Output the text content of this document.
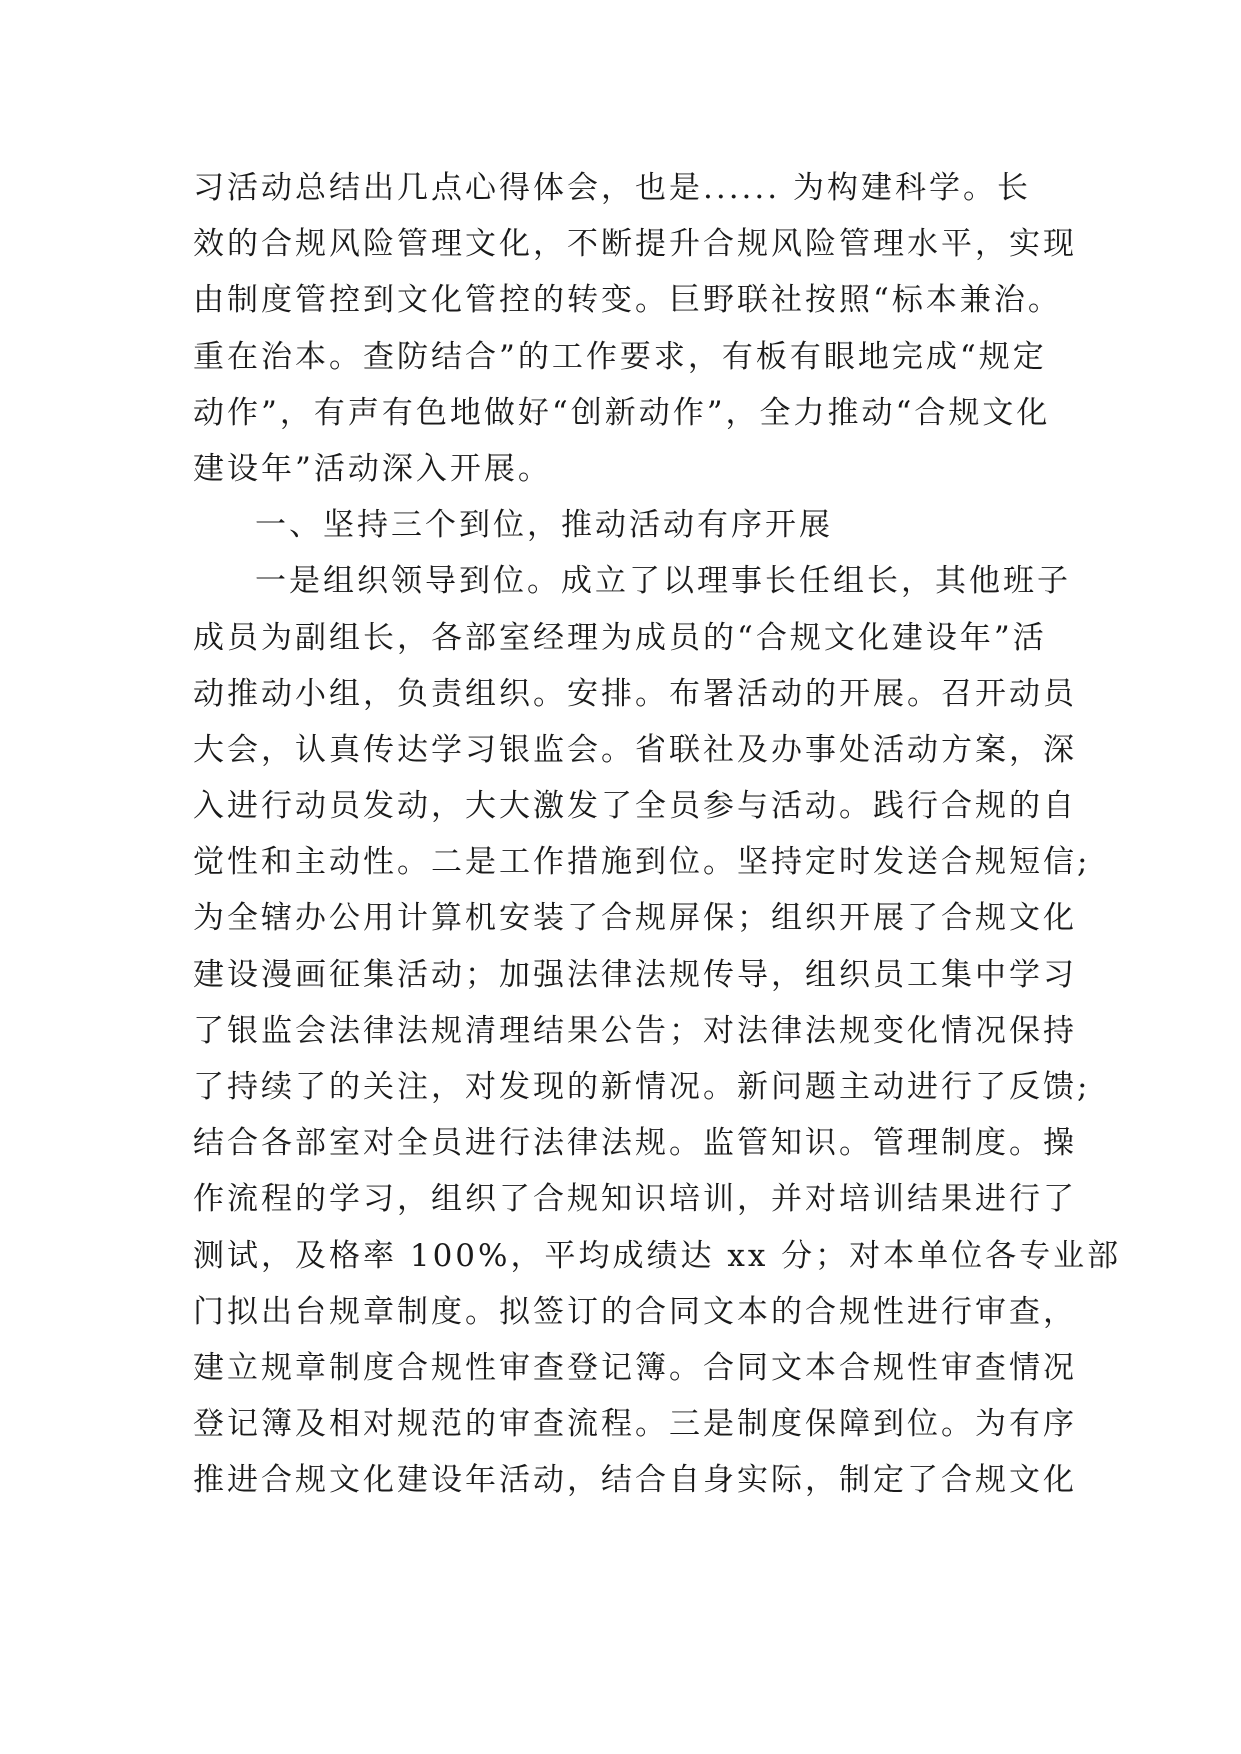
习活动总结出几点心得体会，也是...... 为构建科学。长
效的合规风险管理文化，不断提升合规风险管理水平，实现
由制度管控到文化管控的转变。巨野联社按照“标本兼治。
重在治本。查防结合”的工作要求，有板有眼地完成“规定
动作”，有声有色地做好“创新动作”，全力推动“合规文化
建设年”活动深入开展。
一、坚持三个到位，推动活动有序开展
一是组织领导到位。成立了以理事长任组长，其他班子
成员为副组长，各部室经理为成员的“合规文化建设年”活
动推动小组，负责组织。安排。布署活动的开展。召开动员
大会，认真传达学习银监会。省联社及办事处活动方案，深
入进行动员发动，大大激发了全员参与活动。践行合规的自
觉性和主动性。二是工作措施到位。坚持定时发送合规短信;
为全辖办公用计算机安装了合规屏保；组织开展了合规文化
建设漫画征集活动；加强法律法规传导，组织员工集中学习
了银监会法律法规清理结果公告；对法律法规变化情况保持
了持续了的关注，对发现的新情况。新问题主动进行了反馈;
结合各部室对全员进行法律法规。监管知识。管理制度。操
作流程的学习，组织了合规知识培训，并对培训结果进行了
测试，及格率 100%，平均成绩达 xx 分；对本单位各专业部
门拟出台规章制度。拟签订的合同文本的合规性进行审查，
建立规章制度合规性审查登记簿。合同文本合规性审查情况
登记簿及相对规范的审查流程。三是制度保障到位。为有序
推进合规文化建设年活动，结合自身实际，制定了合规文化
